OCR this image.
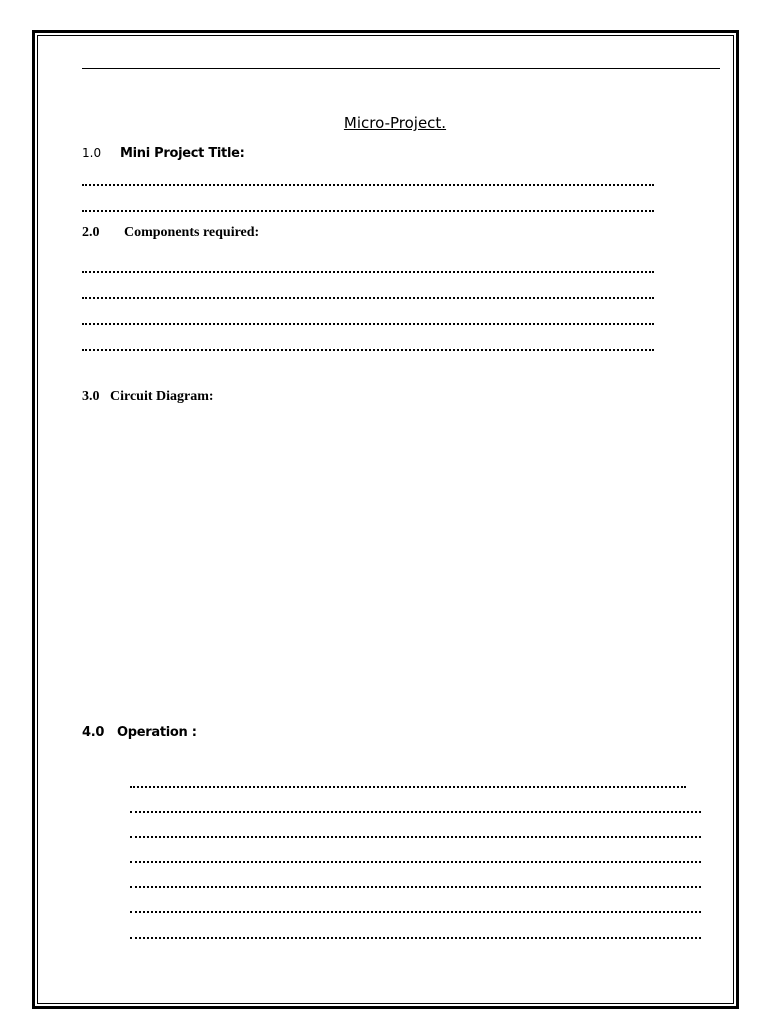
Micro-Project.
1.0 Mini Project Title:
2.0 Components required:
3.0 Circuit Diagram:
4.0 Operation :
